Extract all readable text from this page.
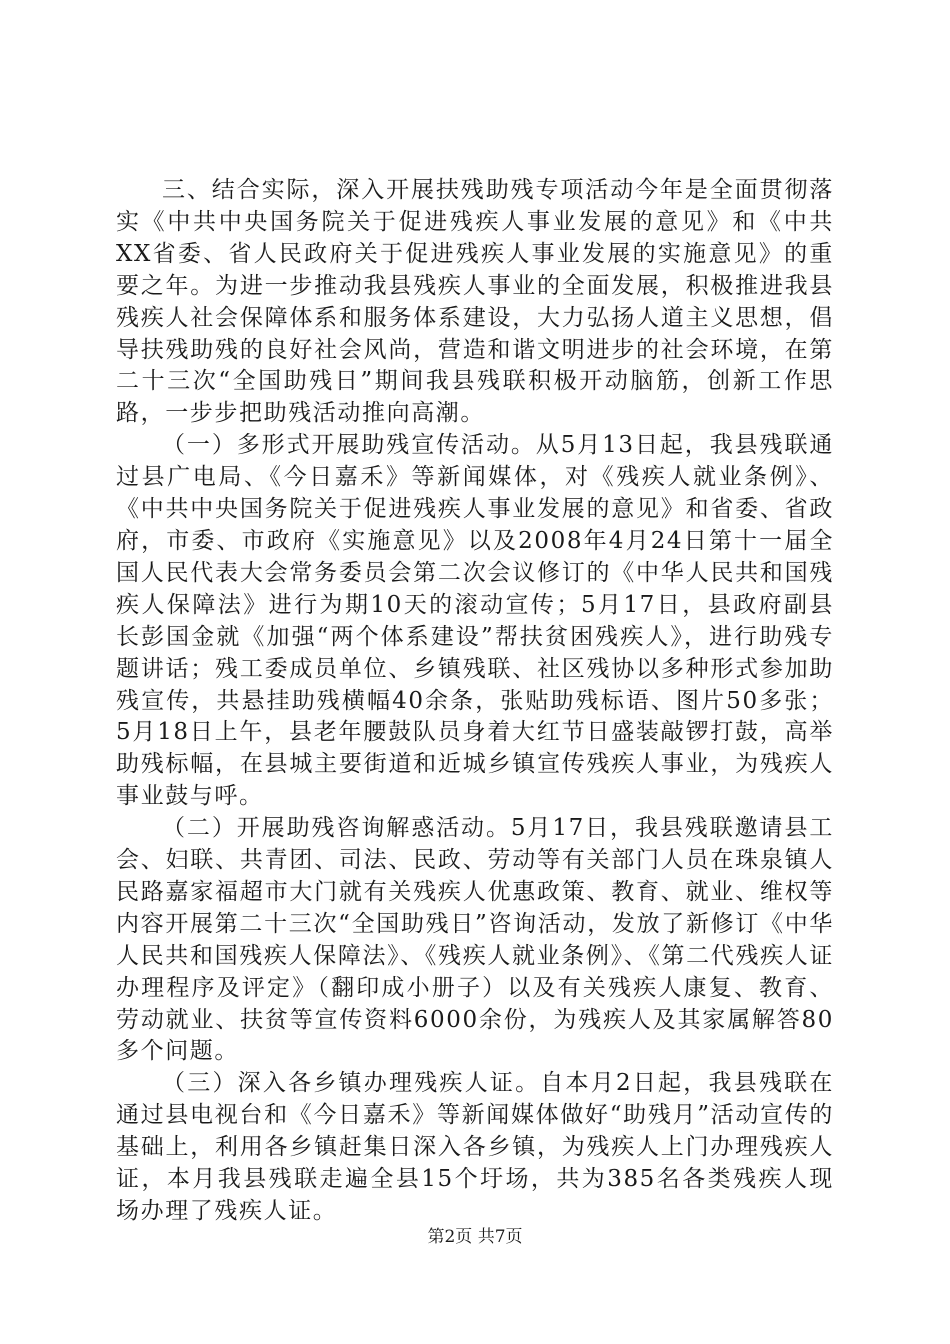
三、结合实际，深入开展扶残助残专项活动今年是全面贯彻落实《中共中央国务院关于促进残疾人事业发展的意见》和《中共XX省委、省人民政府关于促进残疾人事业发展的实施意见》的重要之年。为进一步推动我县残疾人事业的全面发展，积极推进我县残疾人社会保障体系和服务体系建设，大力弘扬人道主义思想，倡导扶残助残的良好社会风尚，营造和谐文明进步的社会环境，在第二十三次“全国助残日”期间我县残联积极开动脑筋，创新工作思路，一步步把助残活动推向高潮。

（一）多形式开展助残宣传活动。从5月13日起，我县残联通过县广电局、《今日嘉禾》等新闻媒体，对《残疾人就业条例》、《中共中央国务院关于促进残疾人事业发展的意见》和省委、省政府，市委、市政府《实施意见》以及2008年4月24日第十一届全国人民代表大会常务委员会第二次会议修订的《中华人民共和国残疾人保障法》进行为期10天的滚动宣传；5月17日，县政府副县长彭国金就《加强“两个体系建设”帮扶贫困残疾人》，进行助残专题讲话；残工委成员单位、乡镇残联、社区残协以多种形式参加助残宣传，共悬挂助残横幅40余条，张贴助残标语、图片50多张；5月18日上午，县老年腰鼓队员身着大红节日盛装敲锣打鼓，高举助残标幅，在县城主要街道和近城乡镇宣传残疾人事业，为残疾人事业鼓与呼。

（二）开展助残咨询解惑活动。5月17日，我县残联邀请县工会、妇联、共青团、司法、民政、劳动等有关部门人员在珠泉镇人民路嘉家福超市大门就有关残疾人优惠政策、教育、就业、维权等内容开展第二十三次“全国助残日”咨询活动，发放了新修订《中华人民共和国残疾人保障法》、《残疾人就业条例》、《第二代残疾人证办理程序及评定》（翻印成小册子）以及有关残疾人康复、教育、劳动就业、扶贫等宣传资料6000余份，为残疾人及其家属解答80多个问题。

（三）深入各乡镇办理残疾人证。自本月2日起，我县残联在通过县电视台和《今日嘉禾》等新闻媒体做好“助残月”活动宣传的基础上，利用各乡镇赶集日深入各乡镇，为残疾人上门办理残疾人证，本月我县残联走遍全县15个圩场，共为385名各类残疾人现场办理了残疾人证。

第2页 共7页
